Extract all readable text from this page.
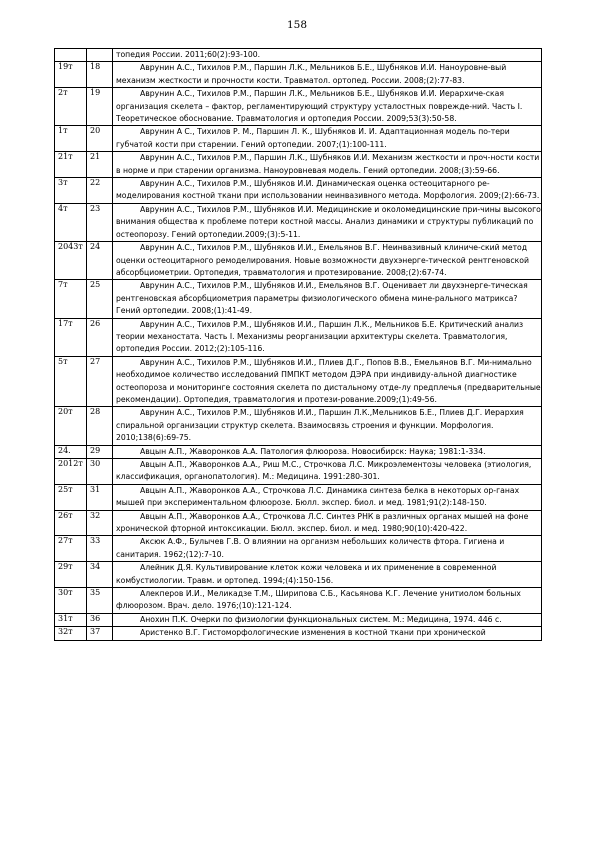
158
		топедия России. 2011;60(2):93-100.
19т	18	Аврунин А.С., Тихилов Р.М., Паршин Л.К., Мельников Б.Е., Шубняков И.И. Наноуровне-вый механизм жесткости и прочности кости. Травматол. ортопед. России. 2008;(2):77-83.
2т	19	Аврунин А.С., Тихилов Р.М., Паршин Л.К., Мельников Б.Е., Шубняков И.И. Иерархиче-ская организация скелета – фактор, регламентирующий структуру усталостных поврежде-ний. Часть I. Теоретическое обоснование. Травматология и ортопедия России. 2009;53(3):50-58.
1т	20	Аврунин А С., Тихилов Р. М., Паршин Л. К., Шубняков И. И. Адаптационная модель по-тери губчатой кости при старении. Гений ортопедии. 2007;(1):100-111.
21т	21	Аврунин А.С., Тихилов Р.М., Паршин Л.К., Шубняков И.И. Механизм жесткости и проч-ности кости в норме и при старении организма. Наноуровневая модель. Гений ортопедии. 2008;(3):59-66.
3т	22	Аврунин А.С., Тихилов Р.М., Шубняков И.И. Динамическая оценка остеоцитарного ре-моделирования костной ткани при использовании неинвазивного метода. Морфология. 2009;(2):66-73.
4т	23	Аврунин А.С., Тихилов Р.М., Шубняков И.И. Медицинские и околомедицинские при-чины высокого внимания общества к проблеме потери костной массы. Анализ динамики и структуры публикаций по остеопорозу. Гений ортопедии.2009;(3):5-11.
2043т	24	Аврунин А.С., Тихилов Р.М., Шубняков И.И., Емельянов В.Г. Неинвазивный клиниче-ский метод оценки остеоцитарного ремоделирования. Новые возможности двухэнерге-тической рентгеновской абсорбциометрии. Ортопедия, травматология и протезирование. 2008;(2):67-74.
7т	25	Аврунин А.С., Тихилов Р.М., Шубняков И.И., Емельянов В.Г. Оценивает ли двухэнерге-тическая рентгеновская абсорбциометрия параметры физиологического обмена мине-рального матрикса? Гений ортопедии. 2008;(1):41-49.
17т	26	Аврунин А.С., Тихилов Р.М., Шубняков И.И., Паршин Л.К., Мельников Б.Е. Критический анализ теории механостата. Часть I. Механизмы реорганизации архитектуры скелета. Травматология, ортопедия России. 2012;(2):105-116.
5т	27	Аврунин А.С., Тихилов Р.М., Шубняков И.И., Плиев Д.Г., Попов В.В., Емельянов В.Г. Ми-нимально необходимое количество исследований ПМПКТ методом ДЭРА при индивиду-альной диагностике остеопороза и мониторинге состояния скелета по дистальному отде-лу предплечья (предварительные рекомендации). Ортопедия, травматология и протези-рование.2009;(1):49-56.
20т	28	Аврунин А.С., Тихилов Р.М., Шубняков И.И., Паршин Л.К.,Мельников Б.Е., Плиев Д.Г. Иерархия спиральной организации структур скелета. Взаимосвязь строения и функции. Морфология. 2010;138(6):69-75.
24.	29	Авцын А.П., Жаворонков А.А. Патология флюороза. Новосибирск: Наука; 1981:1-334.
2012т	30	Авцын А.П., Жаворонков А.А., Риш М.С., Строчкова Л.С. Микроэлементозы человека (этиология, классификация, органопатология). М.: Медицина. 1991:280-301.
25т	31	Авцын А.П., Жаворонков А.А., Строчкова Л.С. Динамика синтеза белка в некоторых ор-ганах мышей при экспериментальном флюорозе. Бюлл. экспер. биол. и мед. 1981;91(2):148-150.
26т	32	Авцын А.П., Жаворонков А.А., Строчкова Л.С. Синтез РНК в различных органах мышей на фоне хронической фторной интоксикации. Бюлл. экспер. биол. и мед. 1980;90(10):420-422.
27т	33	Аксюк А.Ф., Булычев Г.В. О влиянии на организм небольших количеств фтора. Гигиена и санитария. 1962;(12):7-10.
29т	34	Алейник Д.Я. Культивирование клеток кожи человека и их применение в современной комбустиологии. Травм. и ортопед. 1994;(4):150-156.
30т	35	Алекперов И.И., Меликадзе Т.М., Ширипова С.Б., Касьянова К.Г. Лечение унитиолом больных флюорозом. Врач. дело. 1976;(10):121-124.
31т	36	Анохин П.К. Очерки по физиологии функциональных систем. М.: Медицина, 1974. 446 с.
32т	37	Аристенко В.Г. Гистоморфологические изменения в костной ткани при хронической
